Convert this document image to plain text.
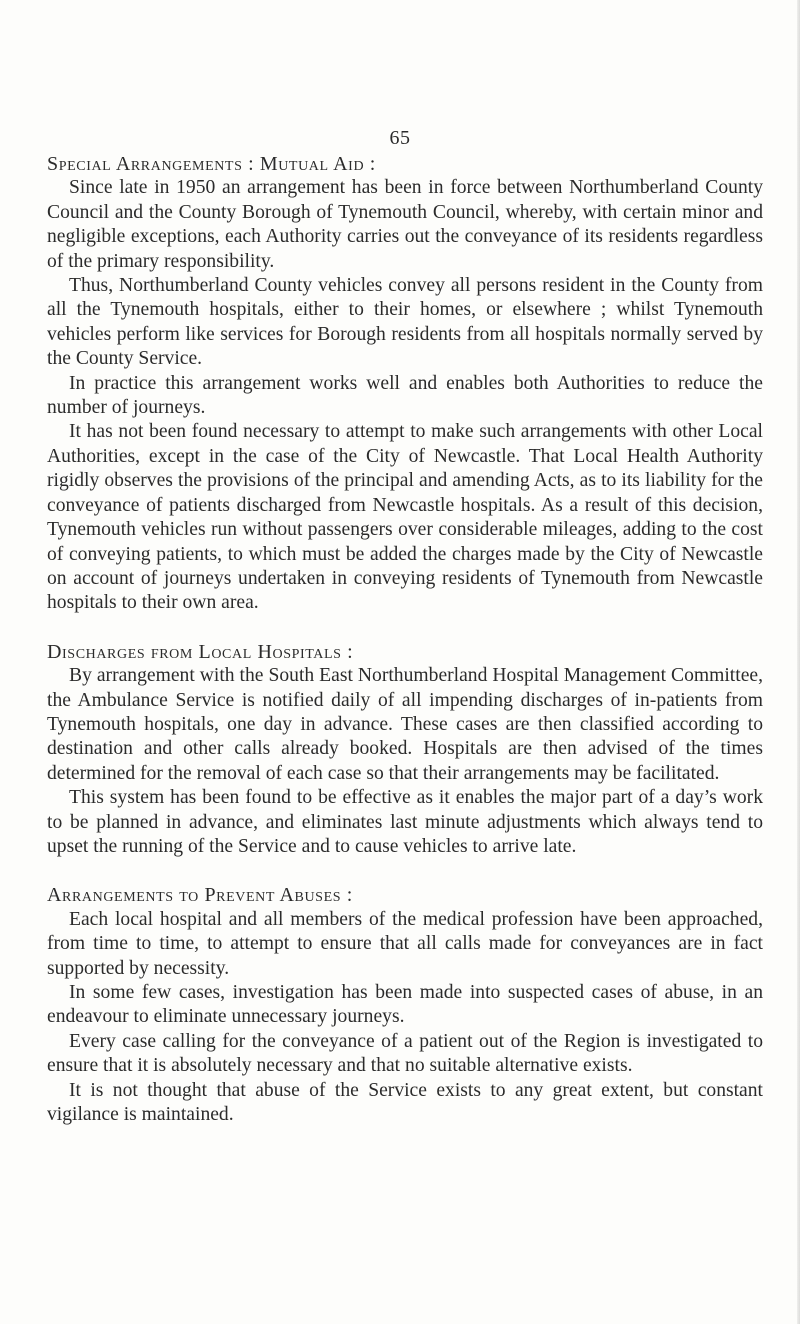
65
Special Arrangements : Mutual Aid :

Since late in 1950 an arrangement has been in force between Northumberland County Council and the County Borough of Tynemouth Council, whereby, with certain minor and negligible exceptions, each Authority carries out the conveyance of its residents regardless of the primary responsibility.

Thus, Northumberland County vehicles convey all persons resident in the County from all the Tynemouth hospitals, either to their homes, or elsewhere ; whilst Tynemouth vehicles perform like services for Borough residents from all hospitals normally served by the County Service.

In practice this arrangement works well and enables both Authorities to reduce the number of journeys.

It has not been found necessary to attempt to make such arrangements with other Local Authorities, except in the case of the City of Newcastle. That Local Health Authority rigidly observes the provisions of the principal and amending Acts, as to its liability for the conveyance of patients discharged from Newcastle hospitals. As a result of this decision, Tynemouth vehicles run without passengers over considerable mileages, adding to the cost of conveying patients, to which must be added the charges made by the City of Newcastle on account of journeys undertaken in conveying residents of Tynemouth from Newcastle hospitals to their own area.

Discharges from Local Hospitals :

By arrangement with the South East Northumberland Hospital Management Committee, the Ambulance Service is notified daily of all impending discharges of in-patients from Tynemouth hospitals, one day in advance. These cases are then classified according to destination and other calls already booked. Hospitals are then advised of the times determined for the removal of each case so that their arrangements may be facilitated.

This system has been found to be effective as it enables the major part of a day’s work to be planned in advance, and eliminates last minute adjustments which always tend to upset the running of the Service and to cause vehicles to arrive late.

Arrangements to Prevent Abuses :

Each local hospital and all members of the medical profession have been approached, from time to time, to attempt to ensure that all calls made for conveyances are in fact supported by necessity.

In some few cases, investigation has been made into suspected cases of abuse, in an endeavour to eliminate unnecessary journeys.

Every case calling for the conveyance of a patient out of the Region is investigated to ensure that it is absolutely necessary and that no suitable alternative exists.

It is not thought that abuse of the Service exists to any great extent, but constant vigilance is maintained.
